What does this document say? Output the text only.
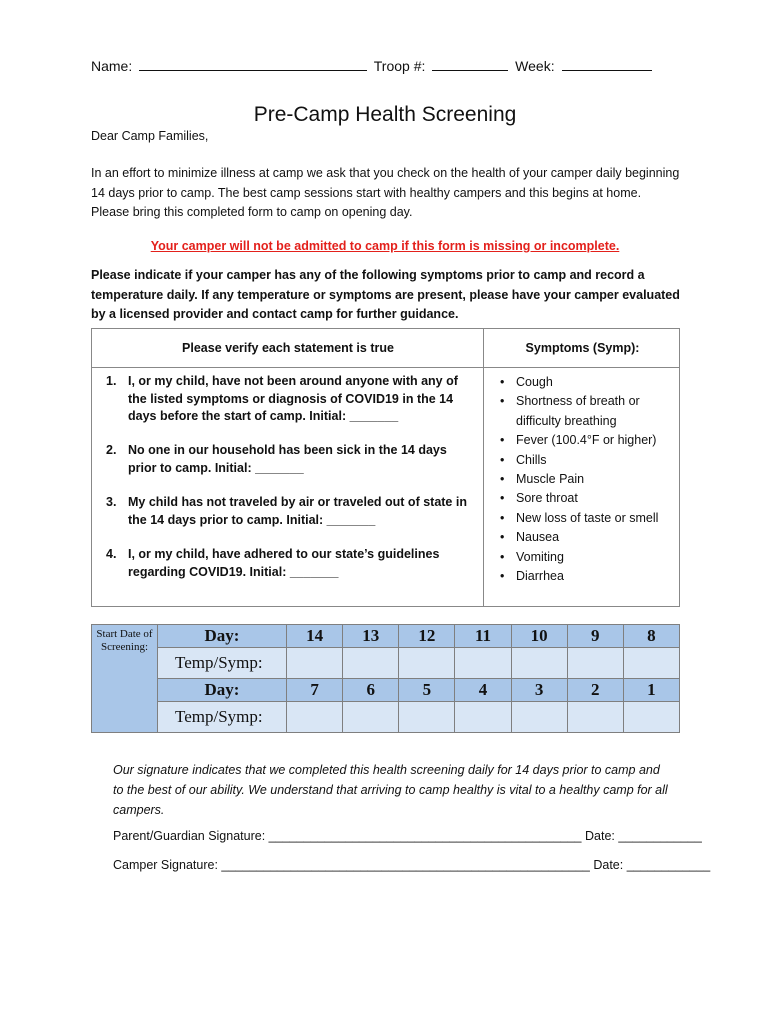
Name:	Troop #:	Week:
Pre-Camp Health Screening
Dear Camp Families,
In an effort to minimize illness at camp we ask that you check on the health of your camper daily beginning 14 days prior to camp. The best camp sessions start with healthy campers and this begins at home. Please bring this completed form to camp on opening day.
Your camper will not be admitted to camp if this form is missing or incomplete.
Please indicate if your camper has any of the following symptoms prior to camp and record a temperature daily. If any temperature or symptoms are present, please have your camper evaluated by a licensed provider and contact camp for further guidance.
Please verify each statement is true
1. I, or my child, have not been around anyone with any of the listed symptoms or diagnosis of COVID19 in the 14 days before the start of camp. Initial: _______
2. No one in our household has been sick in the 14 days prior to camp. Initial: _______
3. My child has not traveled by air or traveled out of state in the 14 days prior to camp. Initial: _______
4. I, or my child, have adhered to our state’s guidelines regarding COVID19. Initial: _______
Symptoms (Symp):
• Cough
• Shortness of breath or difficulty breathing
• Fever (100.4°F or higher)
• Chills
• Muscle Pain
• Sore throat
• New loss of taste or smell
• Nausea
• Vomiting
• Diarrhea
Start Date of Screening:	Day:	14	13	12	11	10	9	8
	Temp/Symp:							
	Day:	7	6	5	4	3	2	1
	Temp/Symp:							
Our signature indicates that we completed this health screening daily for 14 days prior to camp and to the best of our ability. We understand that arriving to camp healthy is vital to a healthy camp for all campers.
Parent/Guardian Signature: _____________________________________________ Date: ____________
Camper Signature: _____________________________________________________ Date: ____________
